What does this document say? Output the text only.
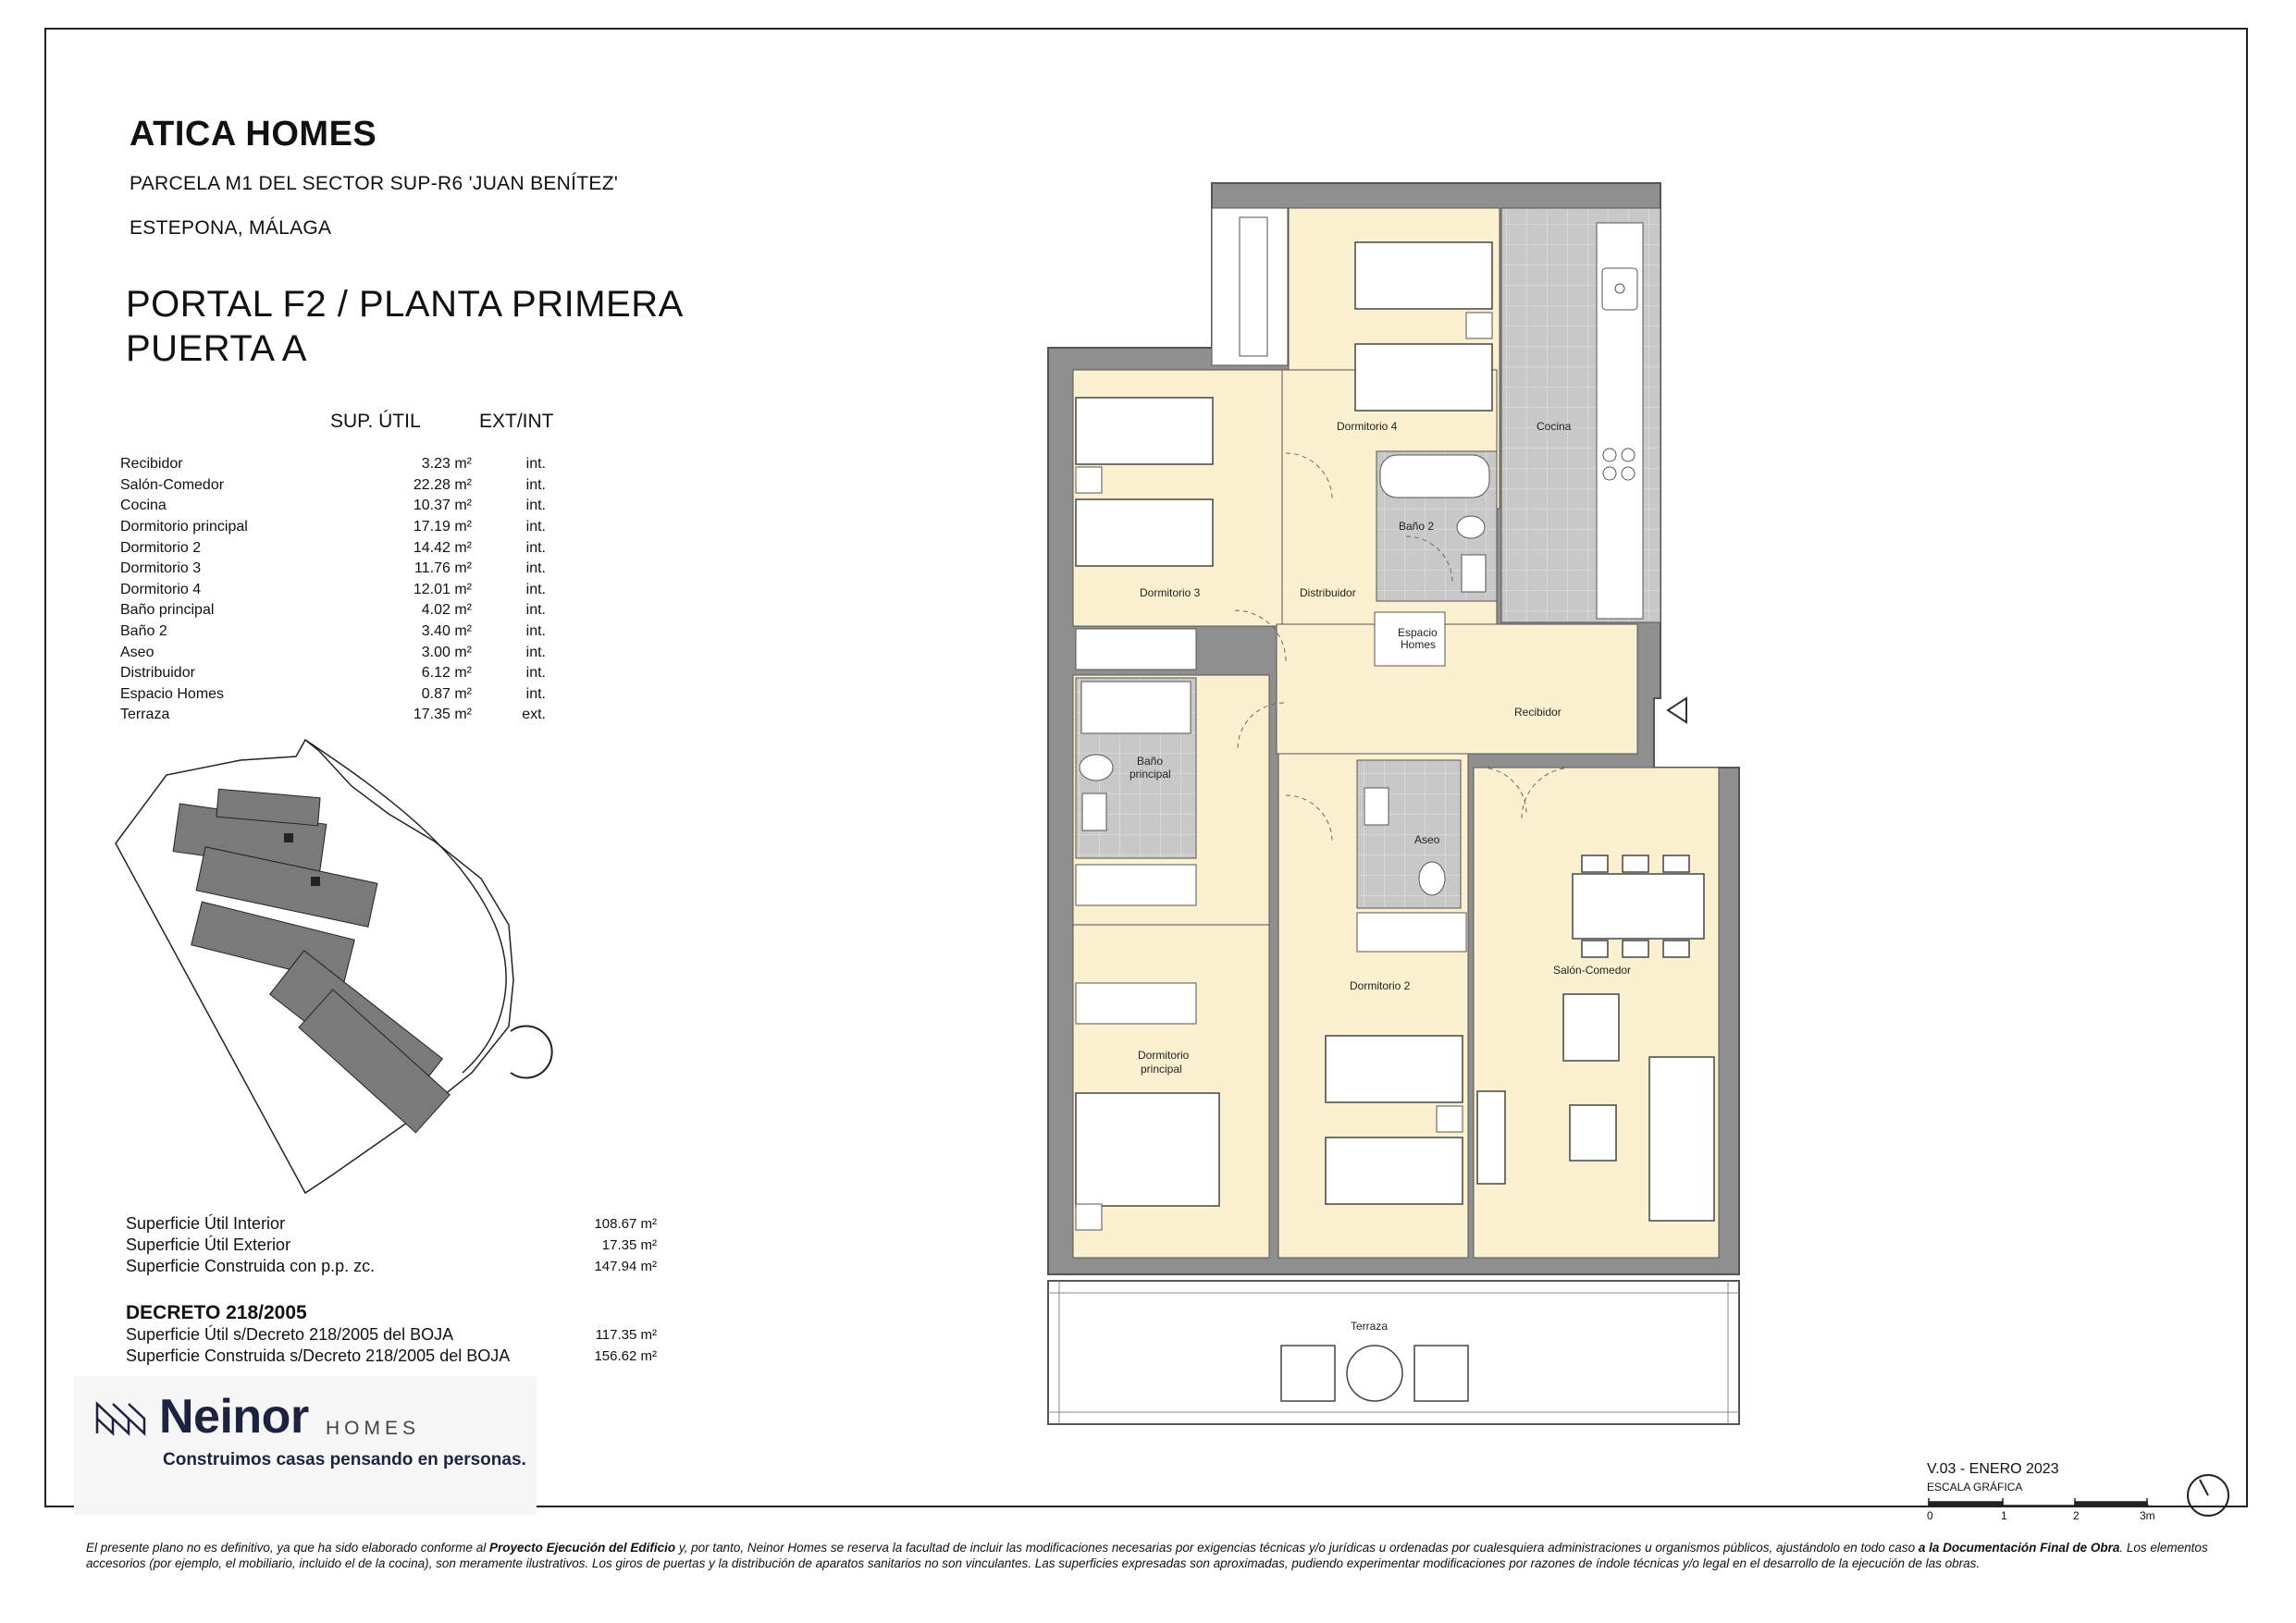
ATICA HOMES
PARCELA M1 DEL SECTOR SUP-R6 'JUAN BENÍTEZ'
ESTEPONA, MÁLAGA
PORTAL F2 / PLANTA PRIMERA
PUERTA A
SUP. ÚTIL	EXT/INT
Recibidor	3.23 m²	int.
Salón-Comedor	22.28 m²	int.
Cocina	10.37 m²	int.
Dormitorio principal	17.19 m²	int.
Dormitorio 2	14.42 m²	int.
Dormitorio 3	11.76 m²	int.
Dormitorio 4	12.01 m²	int.
Baño principal	4.02 m²	int.
Baño 2	3.40 m²	int.
Aseo	3.00 m²	int.
Distribuidor	6.12 m²	int.
Espacio Homes	0.87 m²	int.
Terraza	17.35 m²	ext.
Superficie Útil Interior	108.67 m²
Superficie Útil Exterior	17.35 m²
Superficie Construida con p.p. zc.	147.94 m²
DECRETO 218/2005
Superficie Útil s/Decreto 218/2005 del BOJA	117.35 m²
Superficie Construida s/Decreto 218/2005 del BOJA	156.62 m²
Neinor HOMES
Construimos casas pensando en personas.
Dormitorio 4	Cocina
Baño 2
Distribuidor
Dormitorio 3
Espacio
Homes
Recibidor
Baño
principal
Aseo
Salón-Comedor
Dormitorio 2
Dormitorio
principal
Terraza
V.03 - ENERO 2023
ESCALA GRÁFICA
0	1	2	3m
El presente plano no es definitivo, ya que ha sido elaborado conforme al Proyecto Ejecución del Edificio y, por tanto, Neinor Homes se reserva la facultad de incluir las modificaciones necesarias por exigencias técnicas y/o jurídicas u ordenadas por cualesquiera administraciones u organismos públicos, ajustándolo en todo caso a la Documentación Final de Obra. Los elementos accesorios (por ejemplo, el mobiliario, incluido el de la cocina), son meramente ilustrativos. Los giros de puertas y la distribución de aparatos sanitarios no son vinculantes. Las superficies expresadas son aproximadas, pudiendo experimentar modificaciones por razones de índole técnicas y/o legal en el desarrollo de la ejecución de las obras.
